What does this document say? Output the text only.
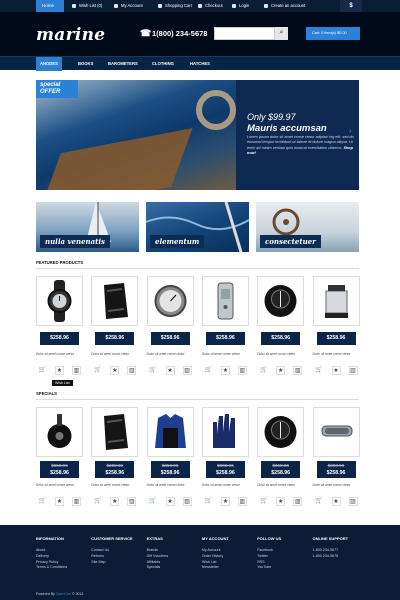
Home	Wish List (0)	My Account	Shopping Cart	Checkout	Login	Create an account	$
marine
☎	1(800) 234-5678	⌕	Cart: 0 item(s) $0.00
ANODES	BOOKS	BAROMETERS	CLOTHING	HATCHES
special OFFER
Only $99.97
Mauris accumsan
Lorem ipsum dolor sit amet conse ctetur adipisic ing elit, sed do eiusmod tempor incididunt ut labore et dolore magna aliqua. Ut enim ad minim veniam quis nostrud exercitation ullamco. Shop now!
›
nulla venenatis	elementum	consectetuer
FEATURED PRODUCTS
$258.96
Dolor sit amet conse ctetur
🛒 ★	▥
$258.96
Dolor sit amet conse ctetur
🛒 ★	▥
$258.96
Dolor sit amet conse ctetur
🛒 ★	▥
$258.96
Dolor sit amet conse ctetur
🛒 ★	▥
$258.96
Dolor sit amet conse ctetur
🛒 ★	▥
$258.96
Dolor sit amet conse ctetur
🛒 ★	▥
Wish List
SPECIALS
$358.96
$258.96
Dolor sit amet conse ctetur
🛒 ★	▥
$308.96
$258.96
Dolor sit amet conse ctetur
🛒 ★	▥
$358.96
$258.96
Dolor sit amet conse ctetur
🛒 ★	▥
$308.96
$258.96
Dolor sit amet conse ctetur
🛒 ★	▥
$358.96
$258.96
Dolor sit amet conse ctetur
🛒 ★	▥
$308.96
$258.96
Dolor sit amet conse ctetur
🛒 ★	▥
INFORMATION
About
Delivery
Privacy Policy
Terms & Conditions
CUSTOMER SERVICE
Contact Us
Returns
Site Map
EXTRAS
Brands
Gift Vouchers
Affiliates
Specials
MY ACCOUNT
My Account
Order History
Wish List
Newsletter
FOLLOW US
Facebook
Twitter
RSS
YouTube
ONLINE SUPPORT
1-800-234-5677
1-800-234-5678
Powered By OpenCart © 2013
